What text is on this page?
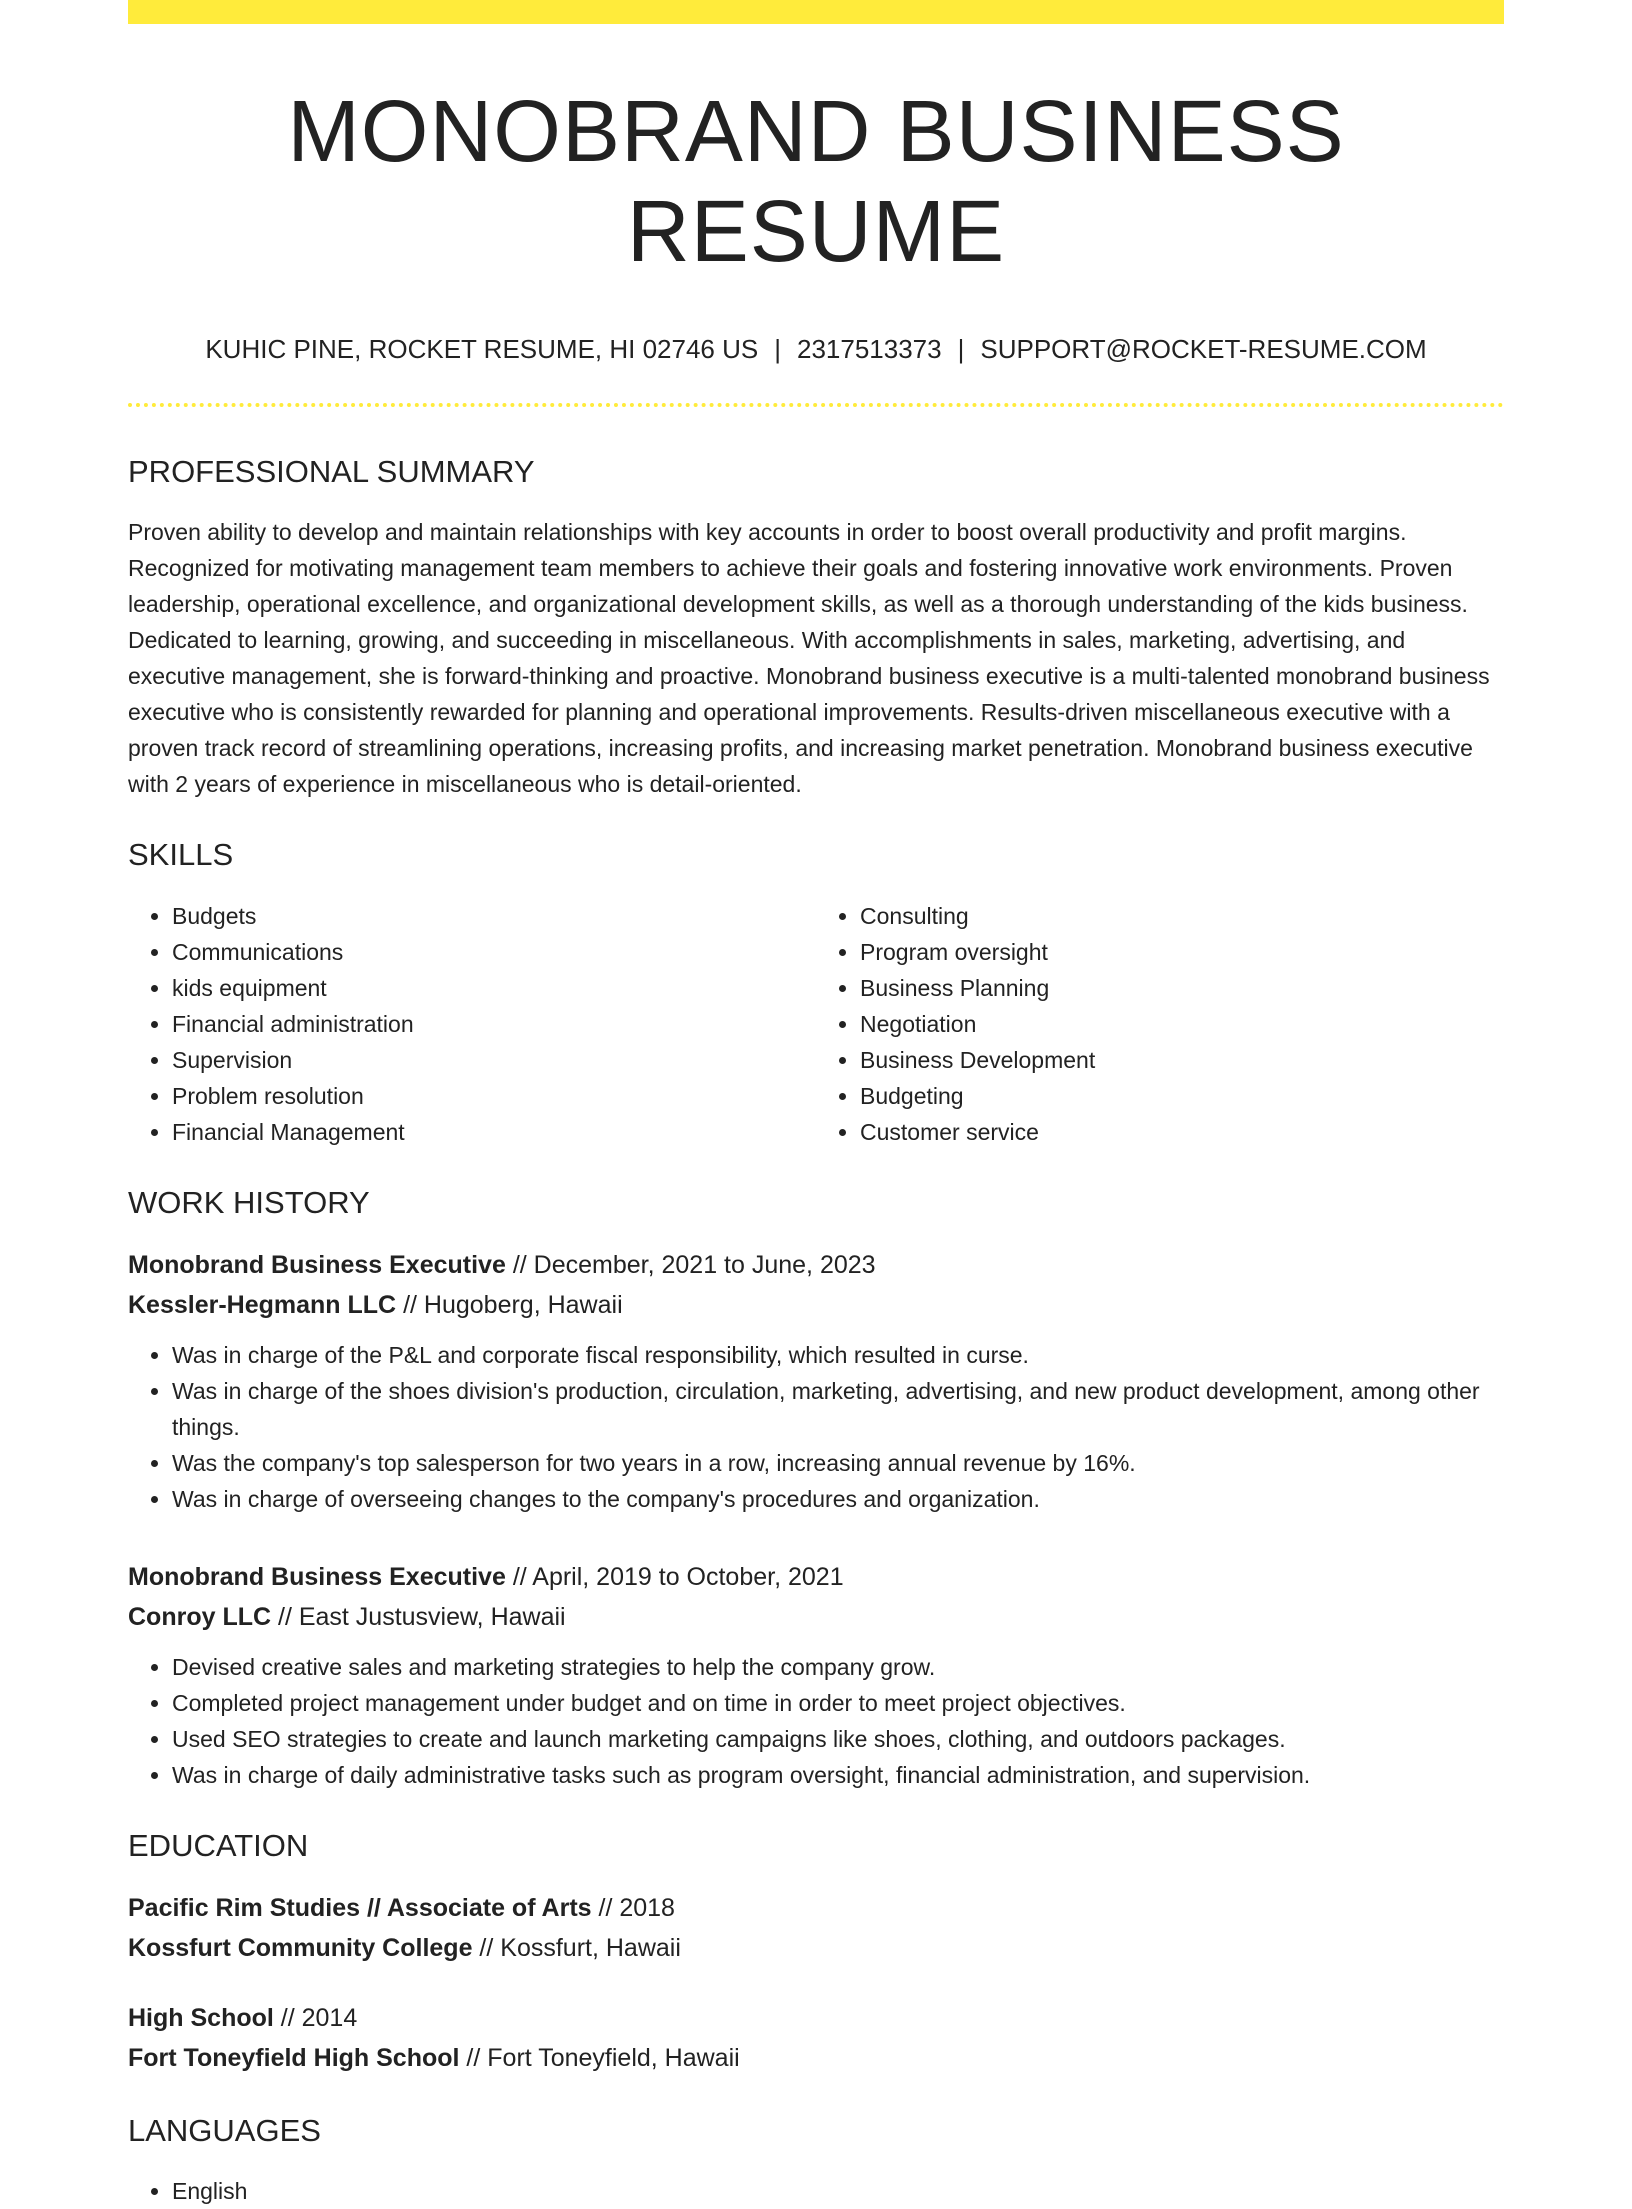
MONOBRAND BUSINESS RESUME
KUHIC PINE, ROCKET RESUME, HI 02746 US | 2317513373 | SUPPORT@ROCKET-RESUME.COM
PROFESSIONAL SUMMARY
Proven ability to develop and maintain relationships with key accounts in order to boost overall productivity and profit margins. Recognized for motivating management team members to achieve their goals and fostering innovative work environments. Proven leadership, operational excellence, and organizational development skills, as well as a thorough understanding of the kids business. Dedicated to learning, growing, and succeeding in miscellaneous. With accomplishments in sales, marketing, advertising, and executive management, she is forward-thinking and proactive. Monobrand business executive is a multi-talented monobrand business executive who is consistently rewarded for planning and operational improvements. Results-driven miscellaneous executive with a proven track record of streamlining operations, increasing profits, and increasing market penetration. Monobrand business executive with 2 years of experience in miscellaneous who is detail-oriented.
SKILLS
• Budgets
• Communications
• kids equipment
• Financial administration
• Supervision
• Problem resolution
• Financial Management
• Consulting
• Program oversight
• Business Planning
• Negotiation
• Business Development
• Budgeting
• Customer service
WORK HISTORY
Monobrand Business Executive // December, 2021 to June, 2023
Kessler-Hegmann LLC // Hugoberg, Hawaii
• Was in charge of the P&L and corporate fiscal responsibility, which resulted in curse.
• Was in charge of the shoes division's production, circulation, marketing, advertising, and new product development, among other things.
• Was the company's top salesperson for two years in a row, increasing annual revenue by 16%.
• Was in charge of overseeing changes to the company's procedures and organization.
Monobrand Business Executive // April, 2019 to October, 2021
Conroy LLC // East Justusview, Hawaii
• Devised creative sales and marketing strategies to help the company grow.
• Completed project management under budget and on time in order to meet project objectives.
• Used SEO strategies to create and launch marketing campaigns like shoes, clothing, and outdoors packages.
• Was in charge of daily administrative tasks such as program oversight, financial administration, and supervision.
EDUCATION
Pacific Rim Studies // Associate of Arts // 2018
Kossfurt Community College // Kossfurt, Hawaii
High School // 2014
Fort Toneyfield High School // Fort Toneyfield, Hawaii
LANGUAGES
• English
